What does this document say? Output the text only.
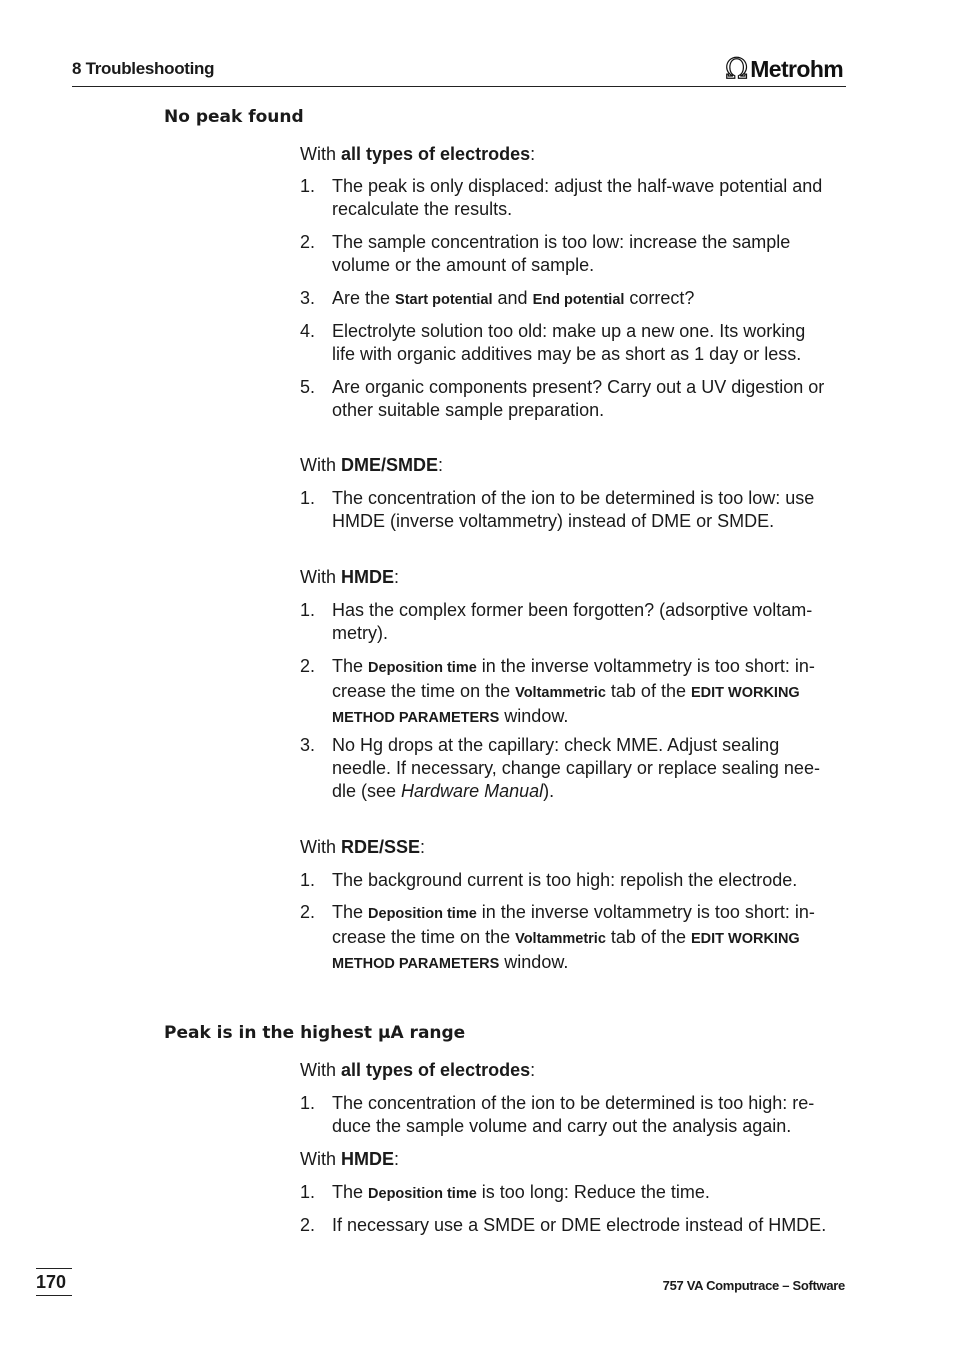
8 Troubleshooting	Ω Metrohm
No peak found
With all types of electrodes:
1. The peak is only displaced: adjust the half-wave potential and
recalculate the results.
2. The sample concentration is too low: increase the sample
volume or the amount of sample.
3. Are the Start potential and End potential correct?
4. Electrolyte solution too old: make up a new one. Its working
life with organic additives may be as short as 1 day or less.
5. Are organic components present? Carry out a UV digestion or
other suitable sample preparation.
With DME/SMDE:
1. The concentration of the ion to be determined is too low: use
HMDE (inverse voltammetry) instead of DME or SMDE.
With HMDE:
1. Has the complex former been forgotten? (adsorptive voltam-
metry).
2. The Deposition time in the inverse voltammetry is too short: in-
crease the time on the Voltammetric tab of the EDIT WORKING
METHOD PARAMETERS window.
3. No Hg drops at the capillary: check MME. Adjust sealing
needle. If necessary, change capillary or replace sealing nee-
dle (see Hardware Manual).
With RDE/SSE:
1. The background current is too high: repolish the electrode.
2. The Deposition time in the inverse voltammetry is too short: in-
crease the time on the Voltammetric tab of the EDIT WORKING
METHOD PARAMETERS window.
Peak is in the highest µA range
With all types of electrodes:
1. The concentration of the ion to be determined is too high: re-
duce the sample volume and carry out the analysis again.
With HMDE:
1. The Deposition time is too long: Reduce the time.
2. If necessary use a SMDE or DME electrode instead of HMDE.
170	757 VA Computrace – Software
